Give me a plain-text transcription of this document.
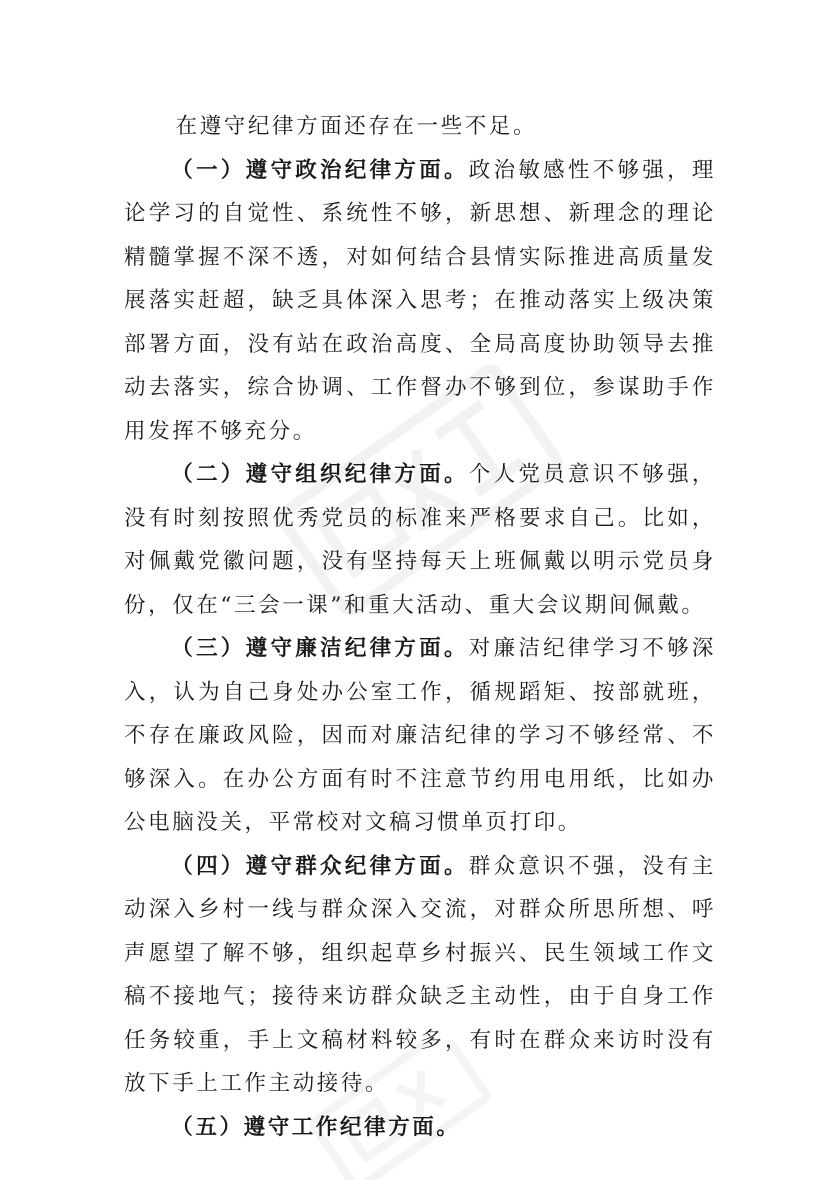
在遵守纪律方面还存在一些不足。

（一）遵守政治纪律方面。政治敏感性不够强，理论学习的自觉性、系统性不够，新思想、新理念的理论精髓掌握不深不透，对如何结合县情实际推进高质量发展落实赶超，缺乏具体深入思考；在推动落实上级决策部署方面，没有站在政治高度、全局高度协助领导去推动去落实，综合协调、工作督办不够到位，参谋助手作用发挥不够充分。

（二）遵守组织纪律方面。个人党员意识不够强，没有时刻按照优秀党员的标准来严格要求自己。比如，对佩戴党徽问题，没有坚持每天上班佩戴以明示党员身份，仅在“三会一课”和重大活动、重大会议期间佩戴。

（三）遵守廉洁纪律方面。对廉洁纪律学习不够深入，认为自己身处办公室工作，循规蹈矩、按部就班，不存在廉政风险，因而对廉洁纪律的学习不够经常、不够深入。在办公方面有时不注意节约用电用纸，比如办公电脑没关，平常校对文稿习惯单页打印。

（四）遵守群众纪律方面。群众意识不强，没有主动深入乡村一线与群众深入交流，对群众所思所想、呼声愿望了解不够，组织起草乡村振兴、民生领域工作文稿不接地气；接待来访群众缺乏主动性，由于自身工作任务较重，手上文稿材料较多，有时在群众来访时没有放下手上工作主动接待。

（五）遵守工作纪律方面。
